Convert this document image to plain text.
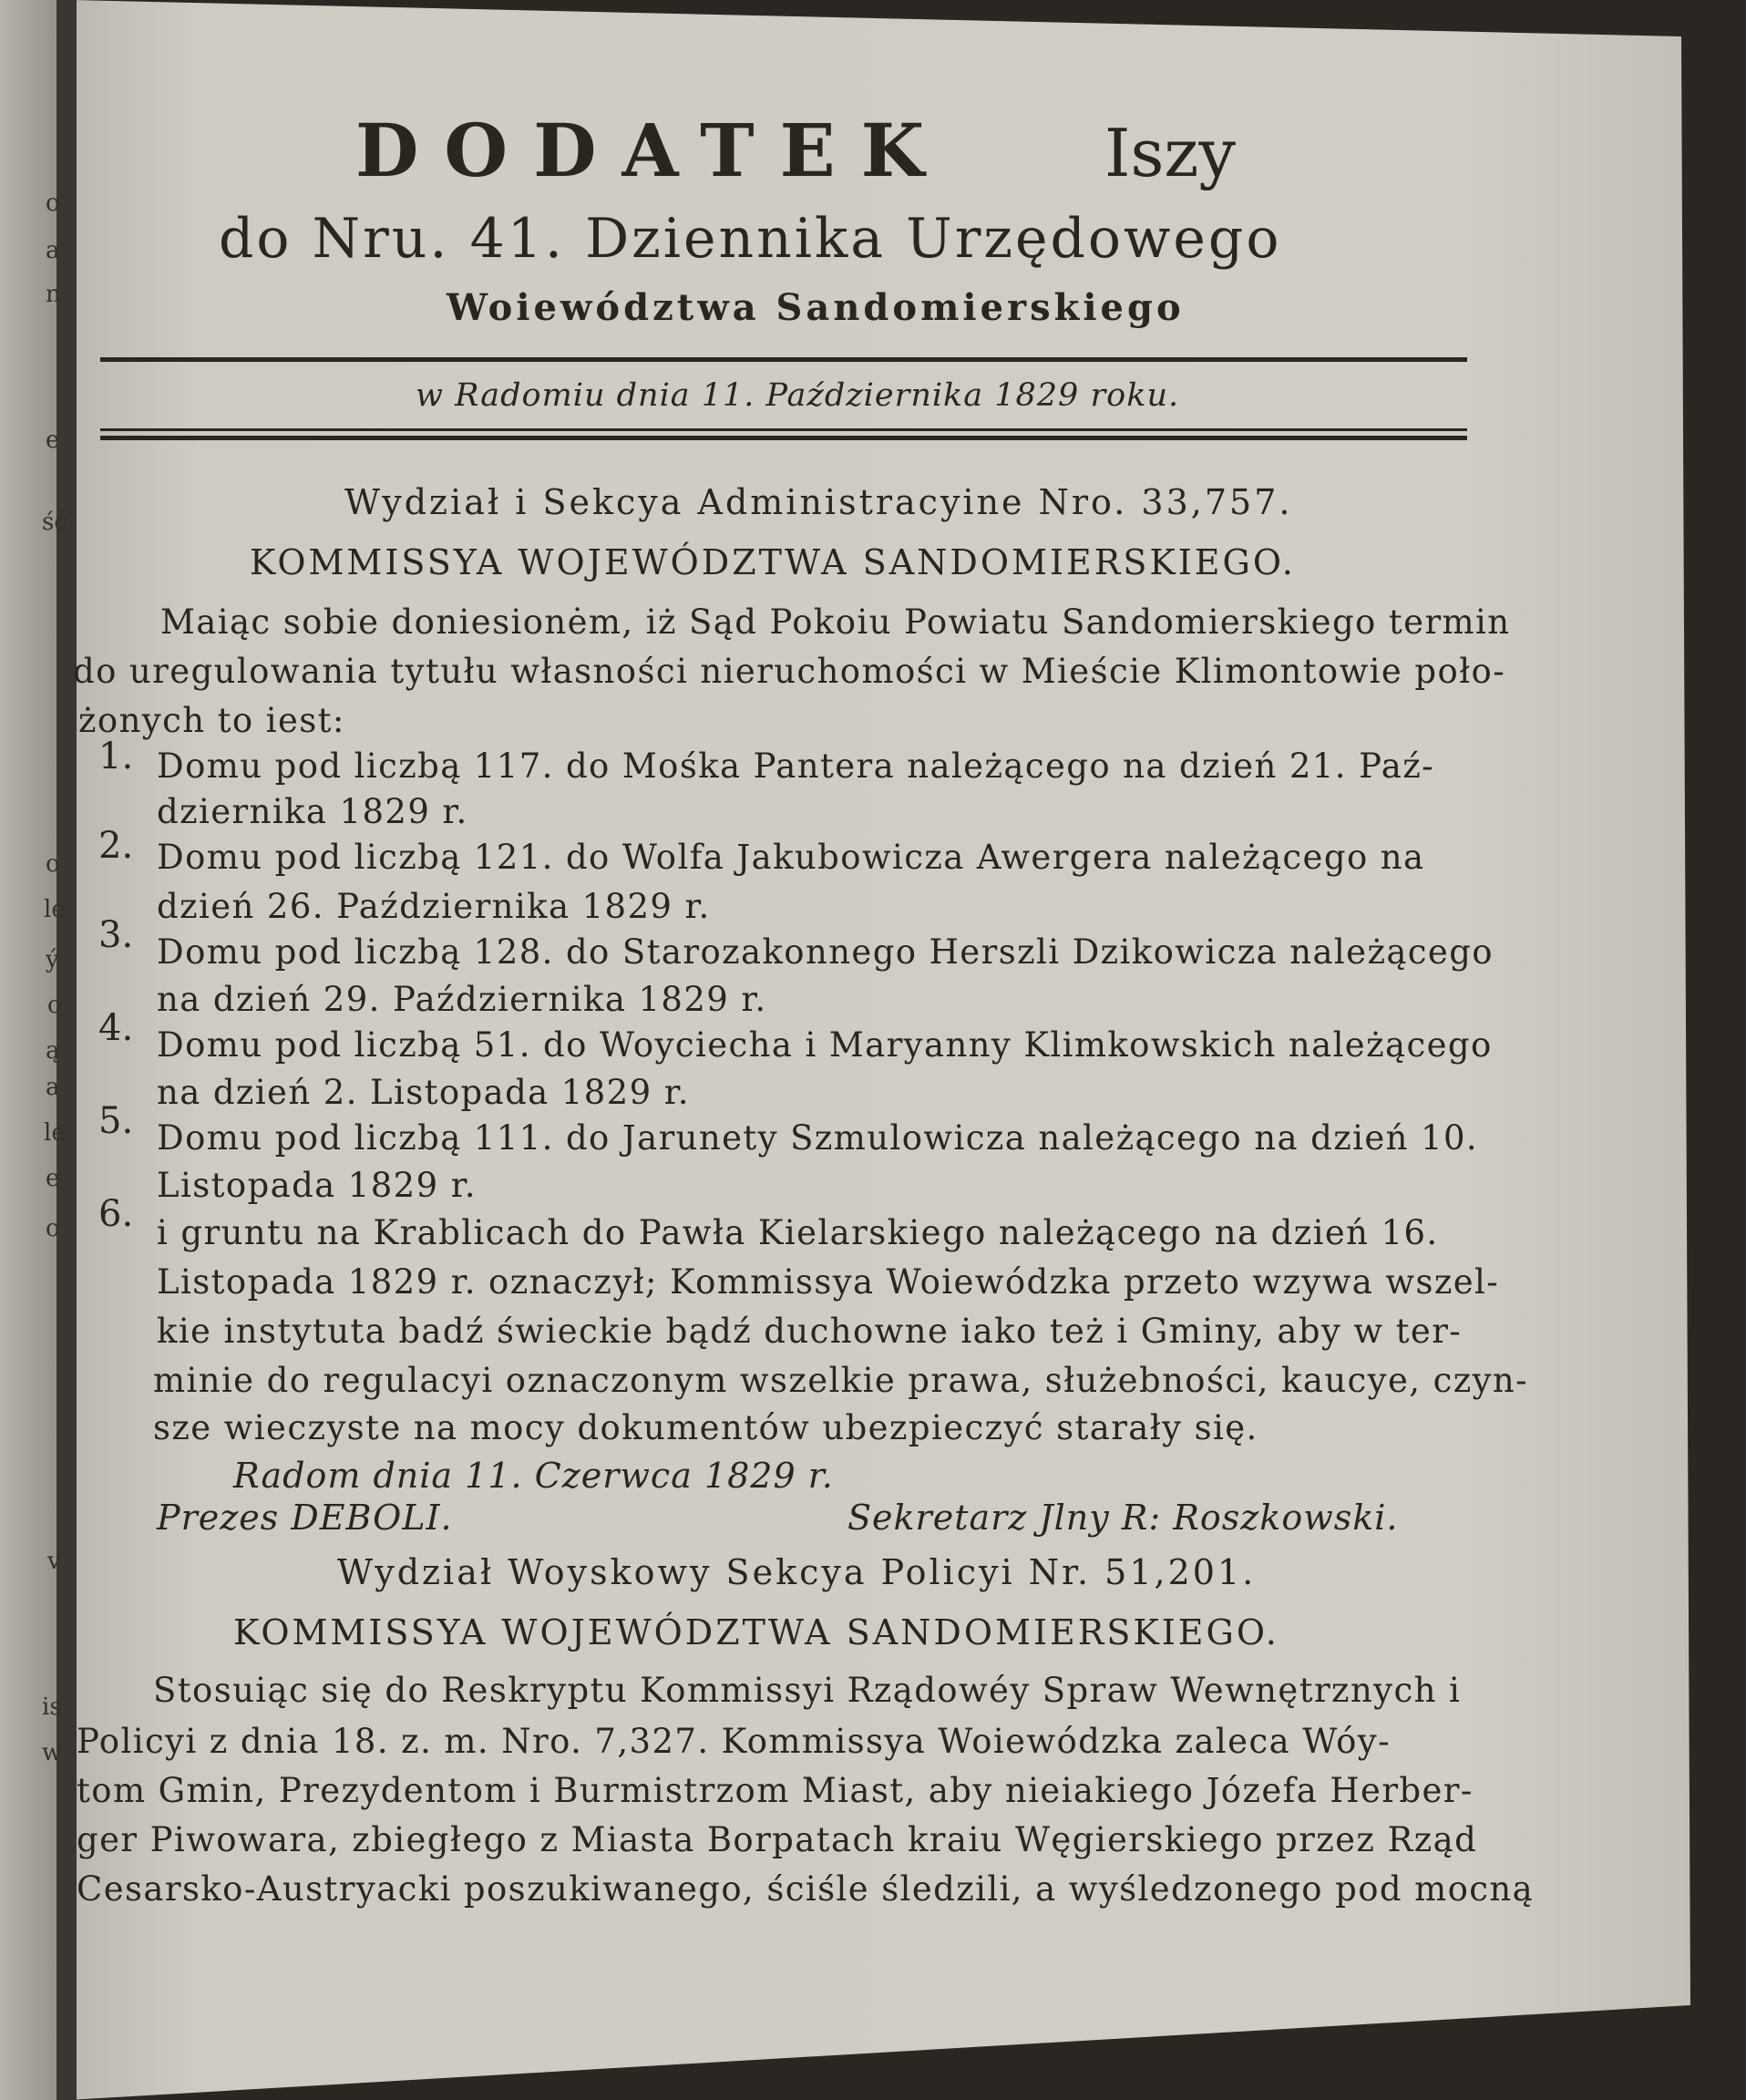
o
a
n
e
ść
o
le
ý
o
ą
a
le
e
o
v
is
w
DODATEK Iszy
do Nru. 41. Dziennika Urzędowego
Woiewództwa Sandomierskiego
w Radomiu dnia 11. Października 1829 roku.
Wydział i Sekcya Administracyine Nro. 33,757.
KOMMISSYA WOJEWÓDZTWA SANDOMIERSKIEGO.
Maiąc sobie doniesionėm, iż Sąd Pokoiu Powiatu Sandomierskiego termin
do uregulowania tytułu własności nieruchomości w Mieście Klimontowie poło-
żonych to iest:
1. Domu pod liczbą 117. do Mośka Pantera należącego na dzień 21. Paź-
dziernika 1829 r.
2. Domu pod liczbą 121. do Wolfa Jakubowicza Awergera należącego na
dzień 26. Października 1829 r.
3. Domu pod liczbą 128. do Starozakonnego Herszli Dzikowicza należącego
na dzień 29. Października 1829 r.
4. Domu pod liczbą 51. do Woyciecha i Maryanny Klimkowskich należącego
na dzień 2. Listopada 1829 r.
5. Domu pod liczbą 111. do Jarunety Szmulowicza należącego na dzień 10.
Listopada 1829 r.
6. i gruntu na Krablicach do Pawła Kielarskiego należącego na dzień 16.
Listopada 1829 r. oznaczył; Kommissya Woiewódzka przeto wzywa wszel-
kie instytuta badź świeckie bądź duchowne iako też i Gminy, aby w ter-
minie do regulacyi oznaczonym wszelkie prawa, służebności, kaucye, czyn-
sze wieczyste na mocy dokumentów ubezpieczyć starały się.
Radom dnia 11. Czerwca 1829 r.
Prezes DEBOLI.	Sekretarz Jlny R: Roszkowski.
Wydział Woyskowy Sekcya Policyi Nr. 51,201.
KOMMISSYA WOJEWÓDZTWA SANDOMIERSKIEGO.
Stosuiąc się do Reskryptu Kommissyi Rządowéy Spraw Wewnętrznych i
Policyi z dnia 18. z. m. Nro. 7,327. Kommissya Woiewódzka zaleca Wóy-
tom Gmin, Prezydentom i Burmistrzom Miast, aby nieiakiego Józefa Herber-
ger Piwowara, zbiegłego z Miasta Borpatach kraiu Węgierskiego przez Rząd
Cesarsko-Austryacki poszukiwanego, ściśle śledzili, a wyśledzonego pod mocną
